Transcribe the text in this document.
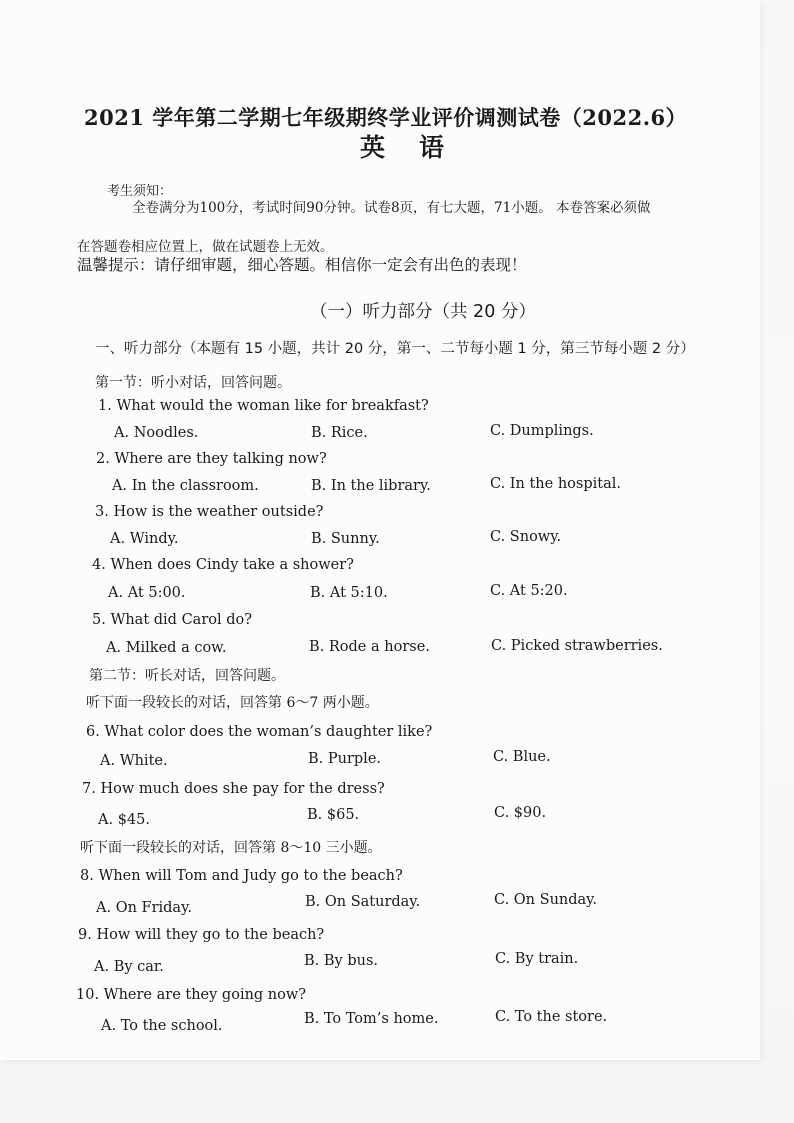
2021 学年第二学期七年级期终学业评价调测试卷（2022.6）
英语
考生须知：
全卷满分为100分，考试时间90分钟。试卷8页，有七大题，71小题。 本卷答案必须做
在答题卷相应位置上，做在试题卷上无效。
温馨提示：请仔细审题，细心答题。相信你一定会有出色的表现！
（一）听力部分（共 20 分）
一、听力部分（本题有 15 小题，共计 20 分，第一、二节每小题 1 分，第三节每小题 2 分）
第一节：听小对话，回答问题。
1. What would the woman like for breakfast?
A. Noodles.	B. Rice.	C. Dumplings.
2. Where are they talking now?
A. In the classroom.	B. In the library.	C. In the hospital.
3. How is the weather outside?
A. Windy.	B. Sunny.	C. Snowy.
4. When does Cindy take a shower?
A. At 5:00.	B. At 5:10.	C. At 5:20.
5. What did Carol do?
A. Milked a cow.	B. Rode a horse.	C. Picked strawberries.
第二节：听长对话，回答问题。
听下面一段较长的对话，回答第 6～7 两小题。
6. What color does the woman’s daughter like?
A. White.	B. Purple.	C. Blue.
7. How much does she pay for the dress?
A. $45.	B. $65.	C. $90.
听下面一段较长的对话，回答第 8～10 三小题。
8. When will Tom and Judy go to the beach?
A. On Friday.	B. On Saturday.	C. On Sunday.
9. How will they go to the beach?
A. By car.	B. By bus.	C. By train.
10. Where are they going now?
A. To the school.	B. To Tom’s home.	C. To the store.
